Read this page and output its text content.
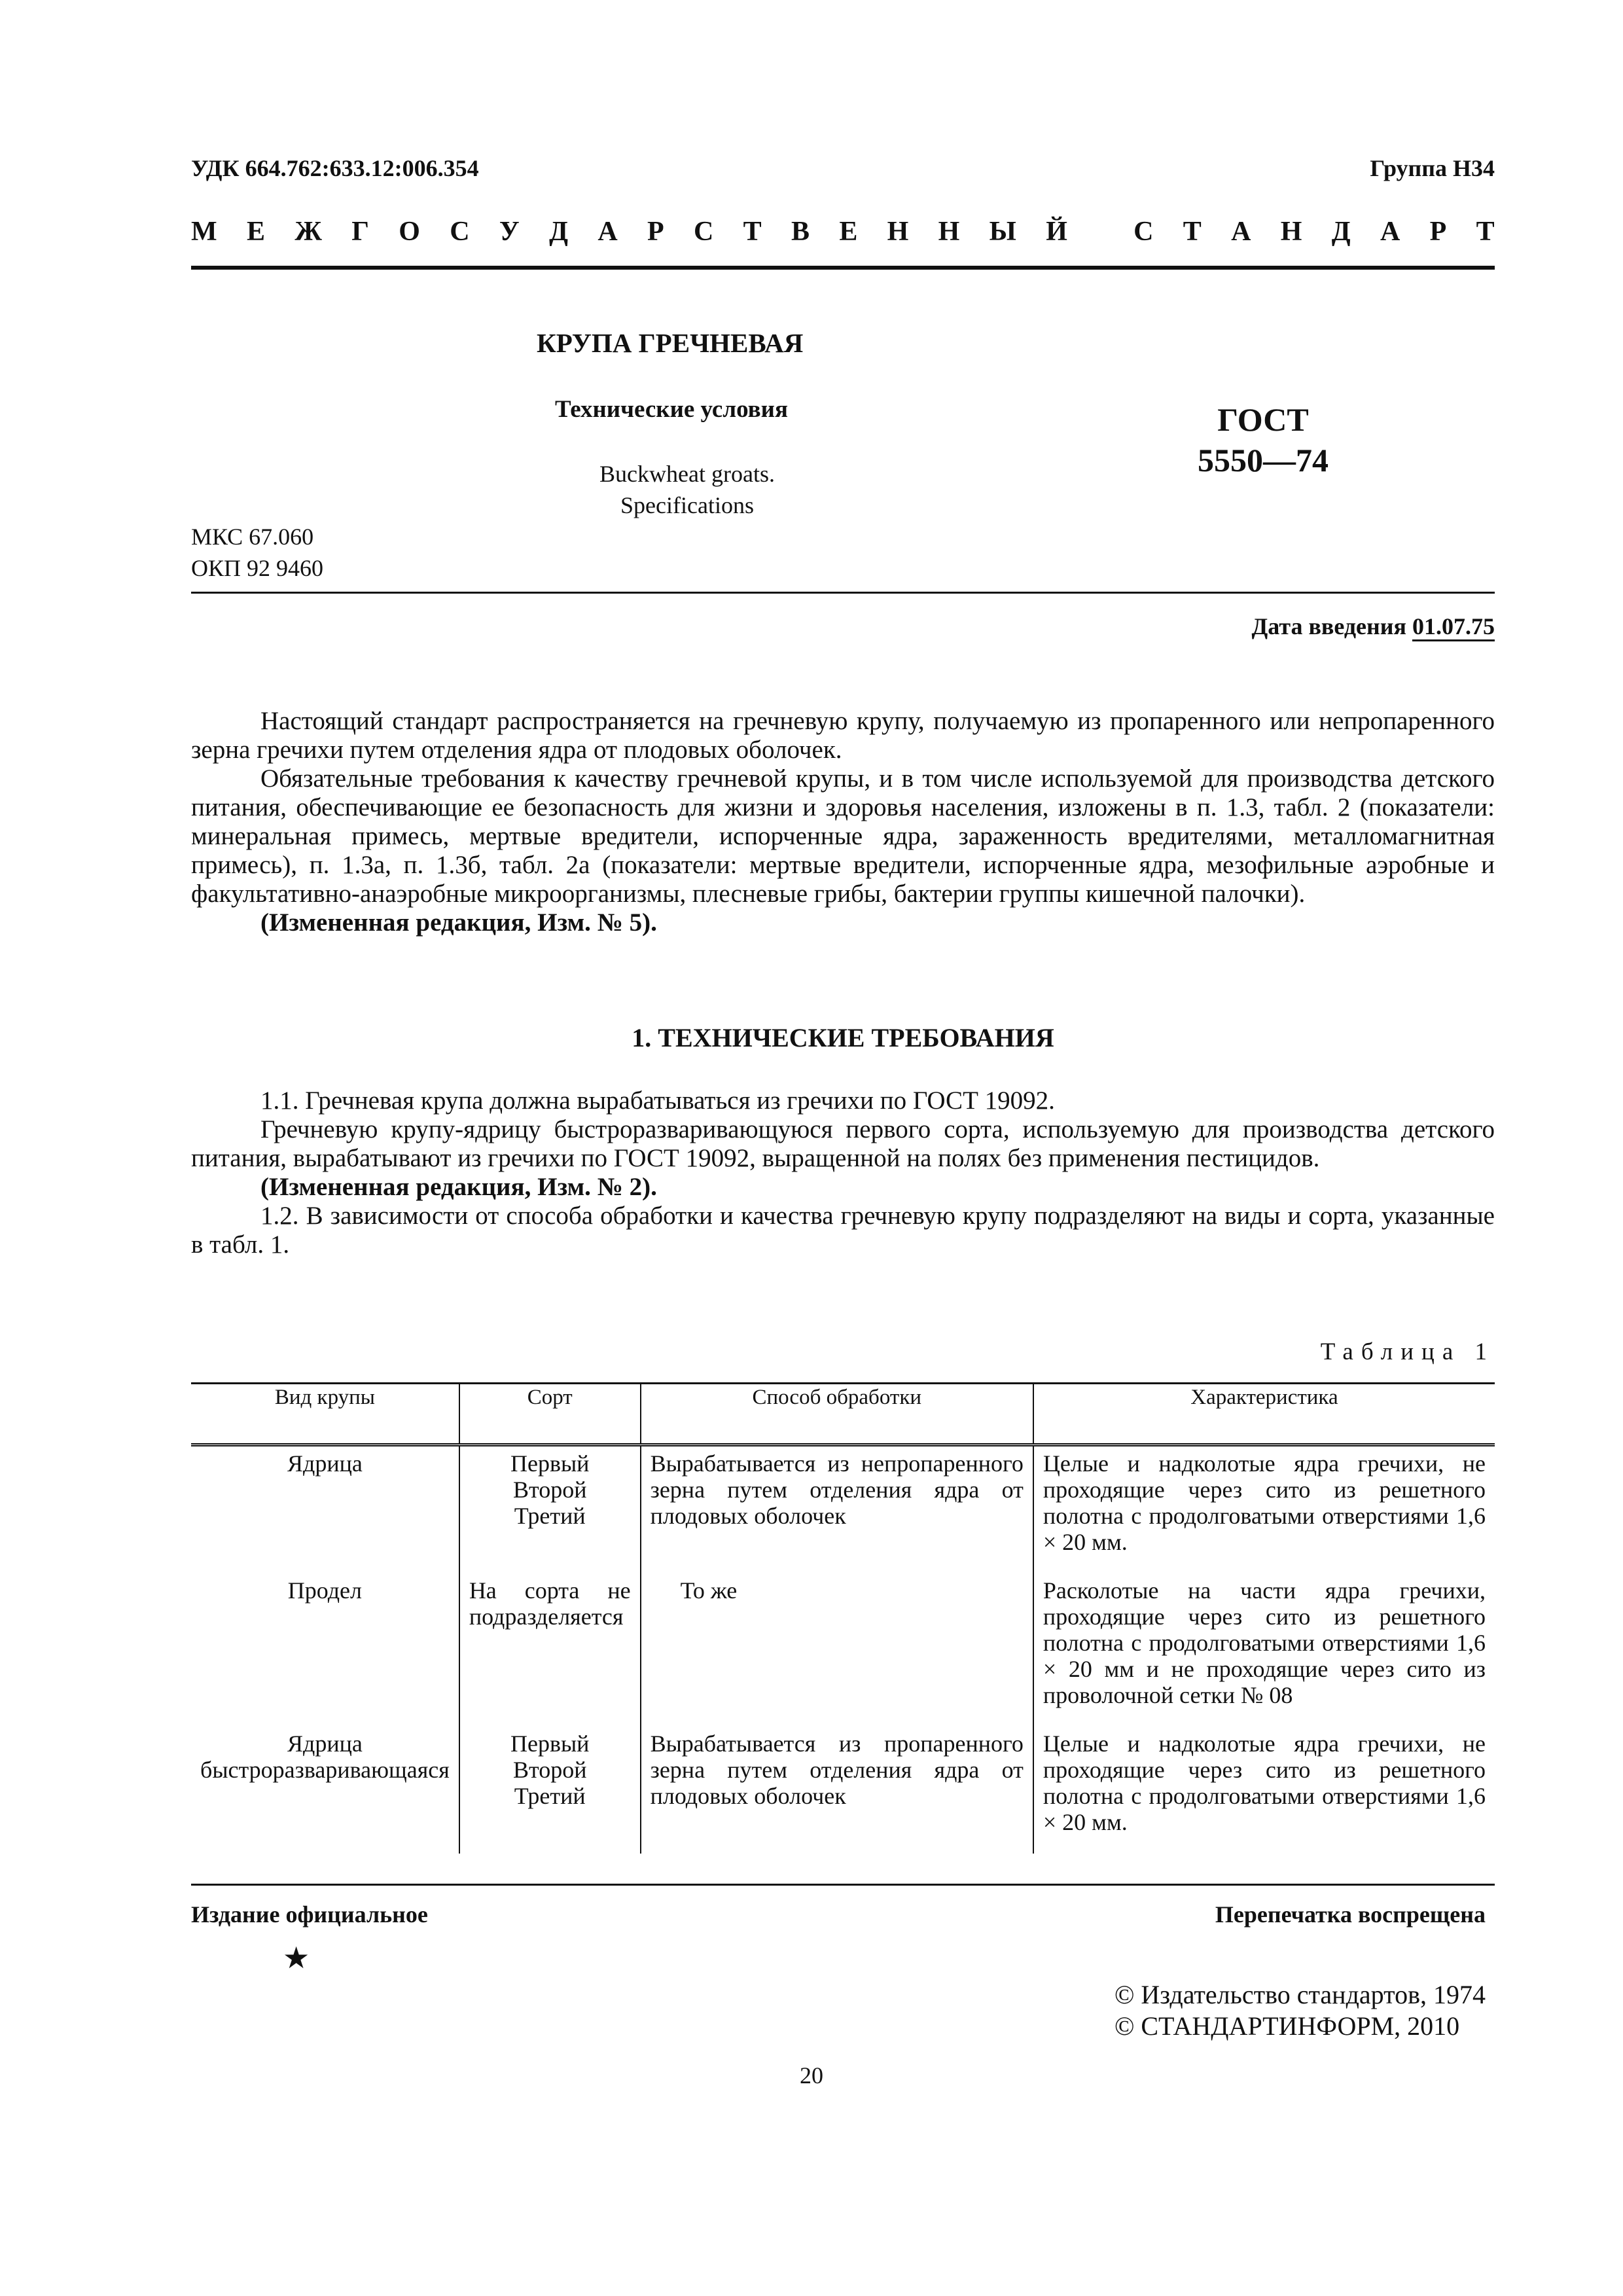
УДК 664.762:633.12:006.354	Группа Н34
М Е Ж Г О С У Д А Р С Т В Е Н Н Ы Й
С Т А Н Д А Р Т
КРУПА ГРЕЧНЕВАЯ
Технические условия
Buckwheat groats.
Specifications
ГОСТ
5550—74
МКС 67.060
ОКП 92 9460
Дата введения 01.07.75

Настоящий стандарт распространяется на гречневую крупу, получаемую из пропаренного или непропаренного зерна гречихи путем отделения ядра от плодовых оболочек.

Обязательные требования к качеству гречневой крупы, и в том числе используемой для производства детского питания, обеспечивающие ее безопасность для жизни и здоровья населения, изложены в п. 1.3, табл. 2 (показатели: минеральная примесь, мертвые вредители, испорченные ядра, зараженность вредителями, металломагнитная примесь), п. 1.3а, п. 1.3б, табл. 2а (показатели: мертвые вредители, испорченные ядра, мезофильные аэробные и факультативно-анаэробные микроорганизмы, плесневые грибы, бактерии группы кишечной палочки).

(Измененная редакция, Изм. № 5).

1. ТЕХНИЧЕСКИЕ ТРЕБОВАНИЯ

1.1. Гречневая крупа должна вырабатываться из гречихи по ГОСТ 19092.

Гречневую крупу-ядрицу быстроразваривающуюся первого сорта, используемую для производства детского питания, вырабатывают из гречихи по ГОСТ 19092, выращенной на полях без применения пестицидов.

(Измененная редакция, Изм. № 2).

1.2. В зависимости от способа обработки и качества гречневую крупу подразделяют на виды и сорта, указанные в табл. 1.

Таблица 1
Вид крупы	Сорт	Способ обработки	Характеристика
Ядрица	Первый
Второй
Третий	Вырабатывается из непропаренного зерна путем отделения ядра от плодовых оболочек	Целые и надколотые ядра гречихи, не проходящие через сито из решетного полотна с продолговатыми отверстиями 1,6 × 20 мм.
Продел	На сорта не подразделяется	То же	Расколотые на части ядра гречихи, проходящие через сито из решетного полотна с продолговатыми отверстиями 1,6 × 20 мм и не проходящие через сито из проволочной сетки № 08
Ядрица быстроразваривающаяся	Первый
Второй
Третий	Вырабатывается из пропаренного зерна путем отделения ядра от плодовых оболочек	Целые и надколотые ядра гречихи, не проходящие через сито из решетного полотна с продолговатыми отверстиями 1,6 × 20 мм.
Издание официальное	Перепечатка воспрещена
★
© Издательство стандартов, 1974
© СТАНДАРТИНФОРМ, 2010
20
